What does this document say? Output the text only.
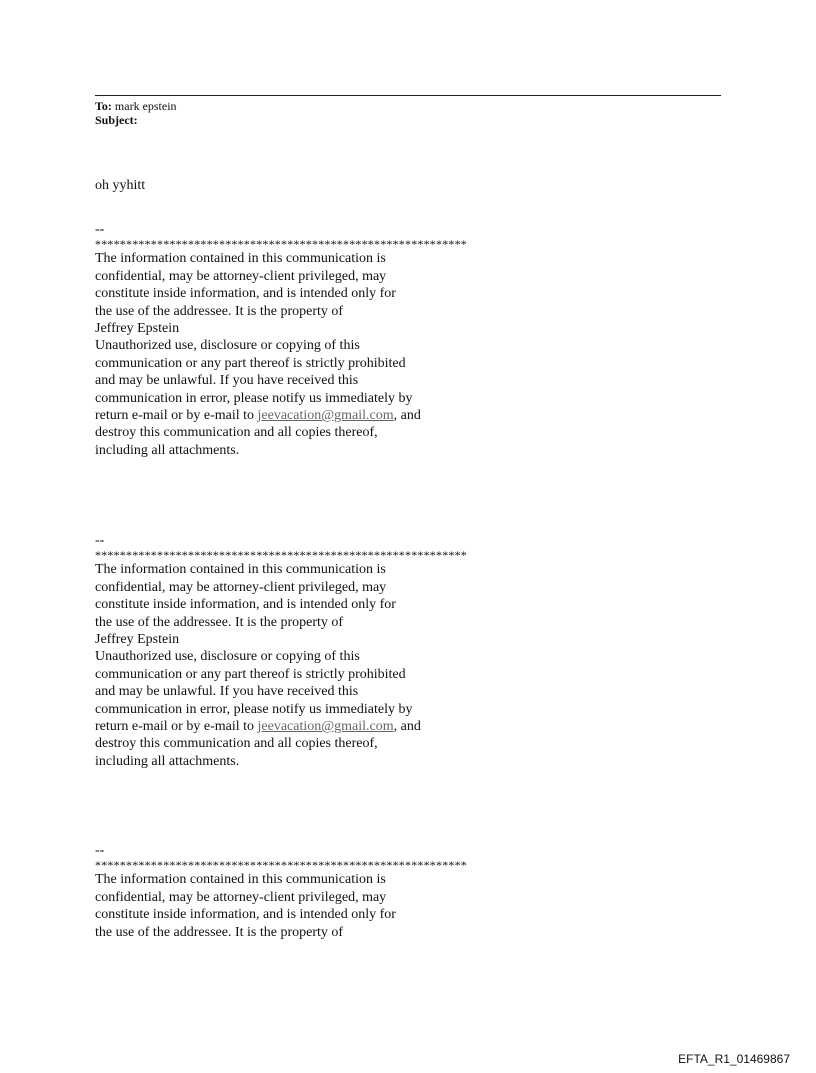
To: mark epstein
Subject:
oh yyhitt
--
************************************************************
The information contained in this communication is
confidential, may be attorney-client privileged, may
constitute inside information, and is intended only for
the use of the addressee. It is the property of
Jeffrey Epstein
Unauthorized use, disclosure or copying of this
communication or any part thereof is strictly prohibited
and may be unlawful. If you have received this
communication in error, please notify us immediately by
return e-mail or by e-mail to jeevacation@gmail.com, and
destroy this communication and all copies thereof,
including all attachments.
--
************************************************************
The information contained in this communication is
confidential, may be attorney-client privileged, may
constitute inside information, and is intended only for
the use of the addressee. It is the property of
Jeffrey Epstein
Unauthorized use, disclosure or copying of this
communication or any part thereof is strictly prohibited
and may be unlawful. If you have received this
communication in error, please notify us immediately by
return e-mail or by e-mail to jeevacation@gmail.com, and
destroy this communication and all copies thereof,
including all attachments.
--
************************************************************
The information contained in this communication is
confidential, may be attorney-client privileged, may
constitute inside information, and is intended only for
the use of the addressee. It is the property of
EFTA_R1_01469867
